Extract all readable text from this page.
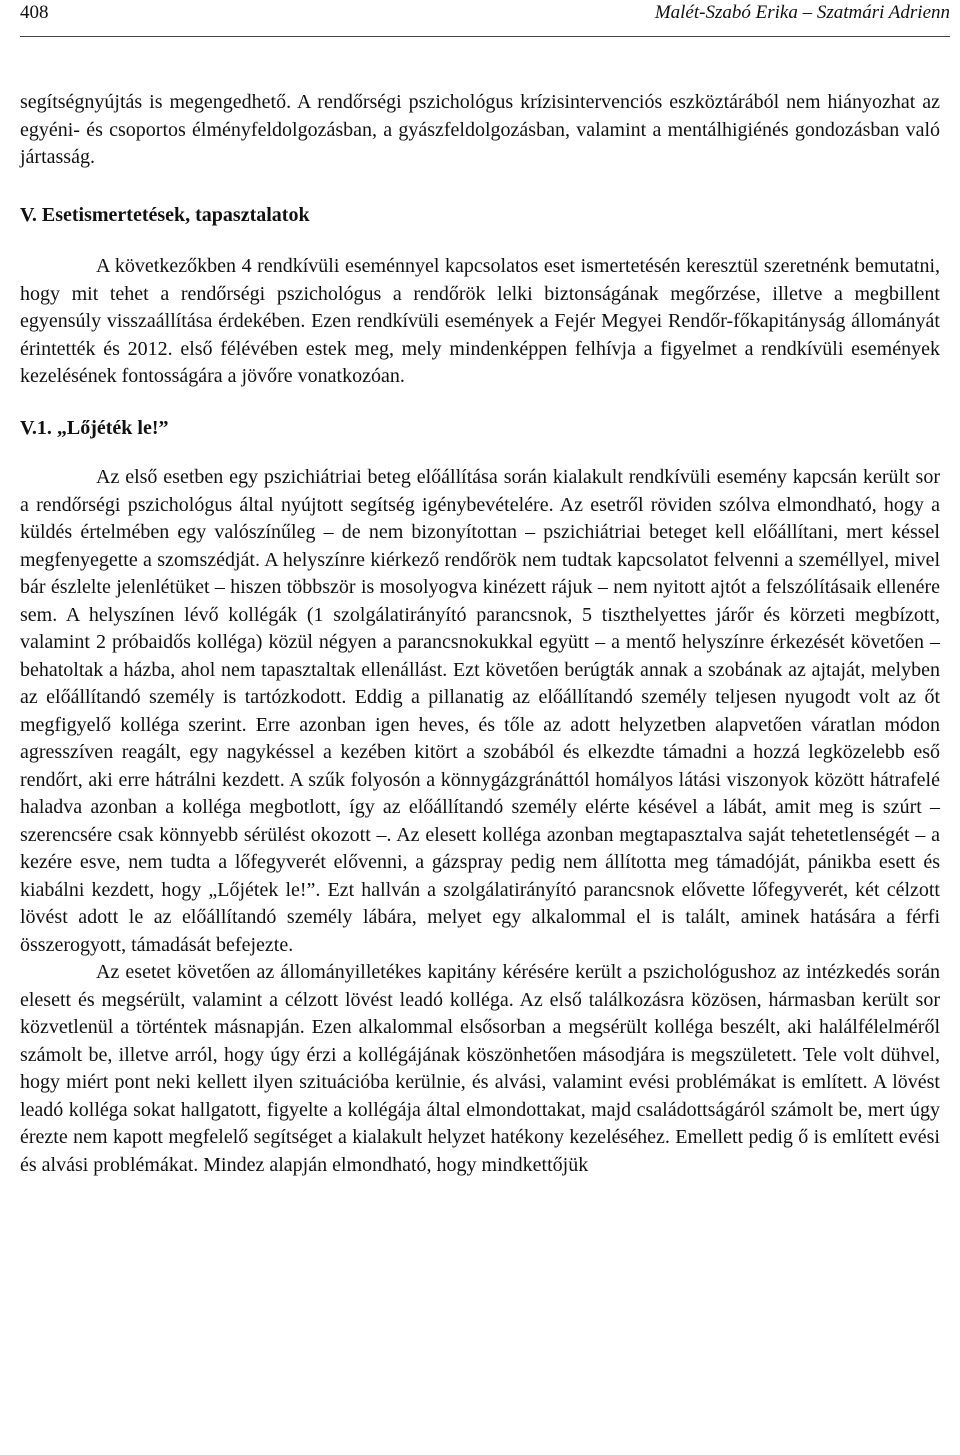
408	Malét-Szabó Erika – Szatmári Adrienn

segítségnyújtás is megengedhető. A rendőrségi pszichológus krízisintervenciós eszköztárából nem hiányozhat az egyéni- és csoportos élményfeldolgozásban, a gyászfeldolgozásban, valamint a mentálhigiénés gondozásban való jártasság.

V. Esetismertetések, tapasztalatok

A következőkben 4 rendkívüli eseménnyel kapcsolatos eset ismertetésén keresztül szeretnénk bemutatni, hogy mit tehet a rendőrségi pszichológus a rendőrök lelki biztonságának megőrzése, illetve a megbillent egyensúly visszaállítása érdekében. Ezen rendkívüli események a Fejér Megyei Rendőr-főkapitányság állományát érintették és 2012. első félévében estek meg, mely mindenképpen felhívja a figyelmet a rendkívüli események kezelésének fontosságára a jövőre vonatkozóan.

V.1. „Lőjéték le!”

Az első esetben egy pszichiátriai beteg előállítása során kialakult rendkívüli esemény kapcsán került sor a rendőrségi pszichológus által nyújtott segítség igénybevételére. Az esetről röviden szólva elmondható, hogy a küldés értelmében egy valószínűleg – de nem bizonyítottan – pszichiátriai beteget kell előállítani, mert késsel megfenyegette a szomszédját. A helyszínre kiérkező rendőrök nem tudtak kapcsolatot felvenni a személlyel, mivel bár észlelte jelenlétüket – hiszen többször is mosolyogva kinézett rájuk – nem nyitott ajtót a felszólításaik ellenére sem. A helyszínen lévő kollégák (1 szolgálatirányító parancsnok, 5 tiszthelyettes járőr és körzeti megbízott, valamint 2 próbaidős kolléga) közül négyen a parancsnokukkal együtt – a mentő helyszínre érkezését követően – behatoltak a házba, ahol nem tapasztaltak ellenállást. Ezt követően berúgták annak a szobának az ajtaját, melyben az előállítandó személy is tartózkodott. Eddig a pillanatig az előállítandó személy teljesen nyugodt volt az őt megfigyelő kolléga szerint. Erre azonban igen heves, és tőle az adott helyzetben alapvetően váratlan módon agresszíven reagált, egy nagykéssel a kezében kitört a szobából és elkezdte támadni a hozzá legközelebb eső rendőrt, aki erre hátrálni kezdett. A szűk folyosón a könnygázgránáttól homályos látási viszonyok között hátrafelé haladva azonban a kollégа megbotlott, így az előállítandó személy elérte késével a lábát, amit meg is szúrt – szerencsére csak könnyebb sérülést okozott –. Az elesett kollégа azonban megtapasztalva saját tehetetlenségét – a kezére esve, nem tudta a lőfegyverét elővenni, a gázspray pedig nem állította meg támadóját, pánikba esett és kiabálni kezdett, hogy „Lőjétek le!”. Ezt hallván a szolgálatirányító parancsnok elővette lőfegyverét, két célzott lövést adott le az előállítandó személy lábára, melyet egy alkalommal el is talált, aminek hatására a férfi összerogyott, támadását befejezte.

Az esetet követően az állományilletékes kapitány kérésére került a pszichológushoz az intézkedés során elesett és megsérült, valamint a célzott lövést leadó kolléga. Az első találkozásra közösen, hármasban került sor közvetlenül a történtek másnapján. Ezen alkalommal elsősorban a megsérült kolléga beszélt, aki halálfélelméről számolt be, illetve arról, hogy úgy érzi a kollégájának köszönhetően másodjára is megszületett. Tele volt dühvel, hogy miért pont neki kellett ilyen szituációba kerülnie, és alvási, valamint evési problémákat is említett. A lövést leadó kolléga sokat hallgatott, figyelte a kollégája által elmondottakat, majd családottságáról számolt be, mert úgy érezte nem kapott megfelelő segítséget a kialakult helyzet hatékony kezeléséhez. Emellett pedig ő is említett evési és alvási problémákat. Mindez alapján elmondható, hogy mindkettőjük
